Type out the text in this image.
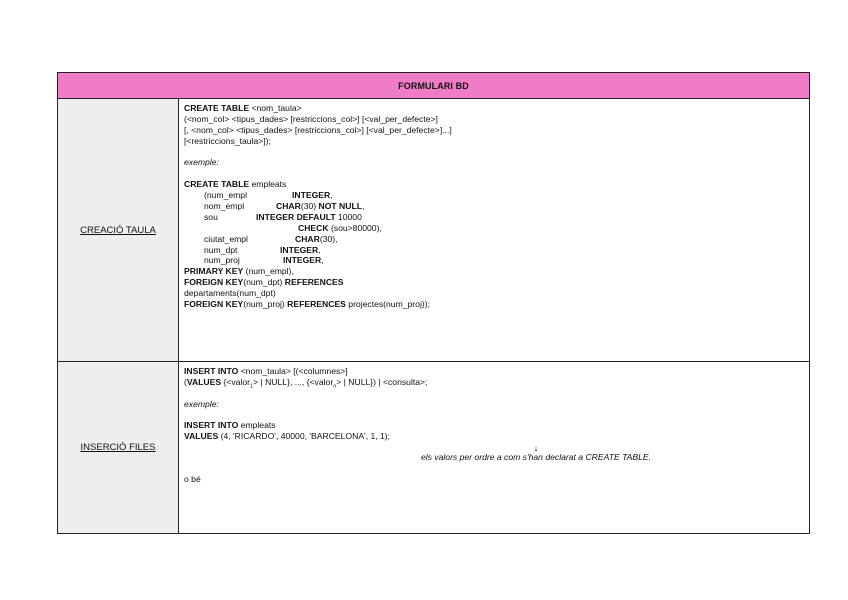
FORMULARI BD
CREACIÓ TAULA
CREATE TABLE <nom_taula>
(<nom_col> <tipus_dades> [restriccions_col>] [<val_per_defecte>]
[, <nom_col> <tipus_dades> [restriccions_col>] [<val_per_defecte>]...]
[<restriccions_taula>]);
exemple:
CREATE TABLE empleats
(num_empl	INTEGER,
nom_empl	CHAR(30) NOT NULL,
sou	INTEGER DEFAULT 10000
CHECK (sou>80000),
ciutat_empl	CHAR(30),
num_dpt	INTEGER,
num_proj	INTEGER,
PRIMARY KEY (num_empl),
FOREIGN KEY(num_dpt) REFERENCES
departaments(num_dpt)
FOREIGN KEY(num_proj) REFERENCES projectes(num_proj));
INSERCIÓ FILES
INSERT INTO <nom_taula> [(<columnes>]
(VALUES {<valor$_1$> | NULL}, ..., {<valor$_n$> | NULL}) | <consulta>;
exemple:
INSERT INTO empleats
VALUES (4, 'RICARDO', 40000, 'BARCELONA', 1, 1);
↓
els valors per ordre a com s'han declarat a CREATE TABLE.
o bé
